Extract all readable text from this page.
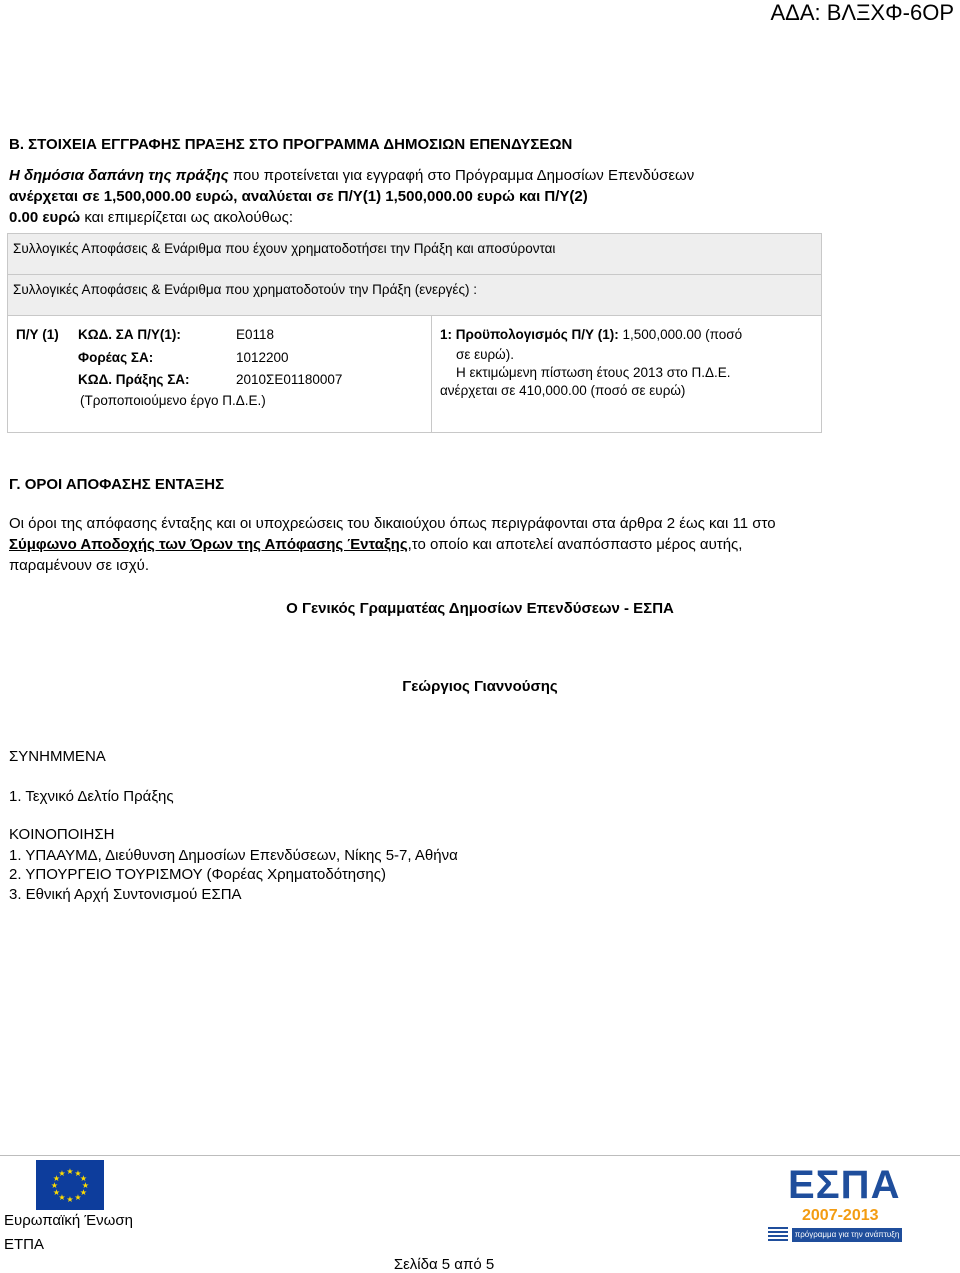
ΑΔΑ: ΒΛΞΧΦ-6ΟΡ
Β. ΣΤΟΙΧΕΙΑ ΕΓΓΡΑΦΗΣ ΠΡΑΞΗΣ ΣΤΟ ΠΡΟΓΡΑΜΜΑ ΔΗΜΟΣΙΩΝ ΕΠΕΝΔΥΣΕΩΝ
Η δημόσια δαπάνη της πράξης που προτείνεται για εγγραφή στο Πρόγραμμα Δημοσίων Επενδύσεων
ανέρχεται σε 1,500,000.00 ευρώ, αναλύεται σε Π/Υ(1) 1,500,000.00 ευρώ και Π/Υ(2)
0.00 ευρώ και επιμερίζεται ως ακολούθως:
Συλλογικές Αποφάσεις & Ενάριθμα που έχουν χρηματοδοτήσει την Πράξη και αποσύρονται
Συλλογικές Αποφάσεις & Ενάριθμα που χρηματοδοτούν την Πράξη (ενεργές) :
Π/Υ (1) ΚΩΔ. ΣΑ Π/Υ(1):	Ε0118
Φορέας ΣΑ:	1012200
ΚΩΔ. Πράξης ΣΑ:	2010ΣΕ01180007
(Τροποποιούμενο έργο Π.Δ.Ε.)
1: Προϋπολογισμός Π/Υ (1): 1,500,000.00 (ποσό
σε ευρώ).
Η εκτιμώμενη πίστωση έτους 2013 στο Π.Δ.Ε.
ανέρχεται σε 410,000.00 (ποσό σε ευρώ)
Γ. ΟΡΟΙ ΑΠΟΦΑΣΗΣ ΕΝΤΑΞΗΣ
Οι όροι της απόφασης ένταξης και οι υποχρεώσεις του δικαιούχου όπως περιγράφονται στα άρθρα 2 έως και 11 στο
Σύμφωνο Αποδοχής των Όρων της Απόφασης Ένταξης,το οποίο και αποτελεί αναπόσπαστο μέρος αυτής,
παραμένουν σε ισχύ.
Ο Γενικός Γραμματέας Δημοσίων Επενδύσεων - ΕΣΠΑ
Γεώργιος Γιαννούσης
ΣΥΝΗΜΜΕΝΑ
1. Τεχνικό Δελτίο Πράξης
ΚΟΙΝΟΠΟΙΗΣΗ
1. ΥΠΑΑΥΜΔ, Διεύθυνση Δημοσίων Επενδύσεων, Νίκης 5-7, Αθήνα
2. ΥΠΟΥΡΓΕΙΟ ΤΟΥΡΙΣΜΟΥ (Φορέας Χρηματοδότησης)
3. Εθνική Αρχή Συντονισμού ΕΣΠΑ
★ ★
★
★
★
★
★
★
★
★
★
★
Ευρωπαϊκή Ένωση
ΕΤΠΑ
Σελίδα 5 από 5
ΕΣΠΑ
2007-2013
πρόγραμμα για την ανάπτυξη
